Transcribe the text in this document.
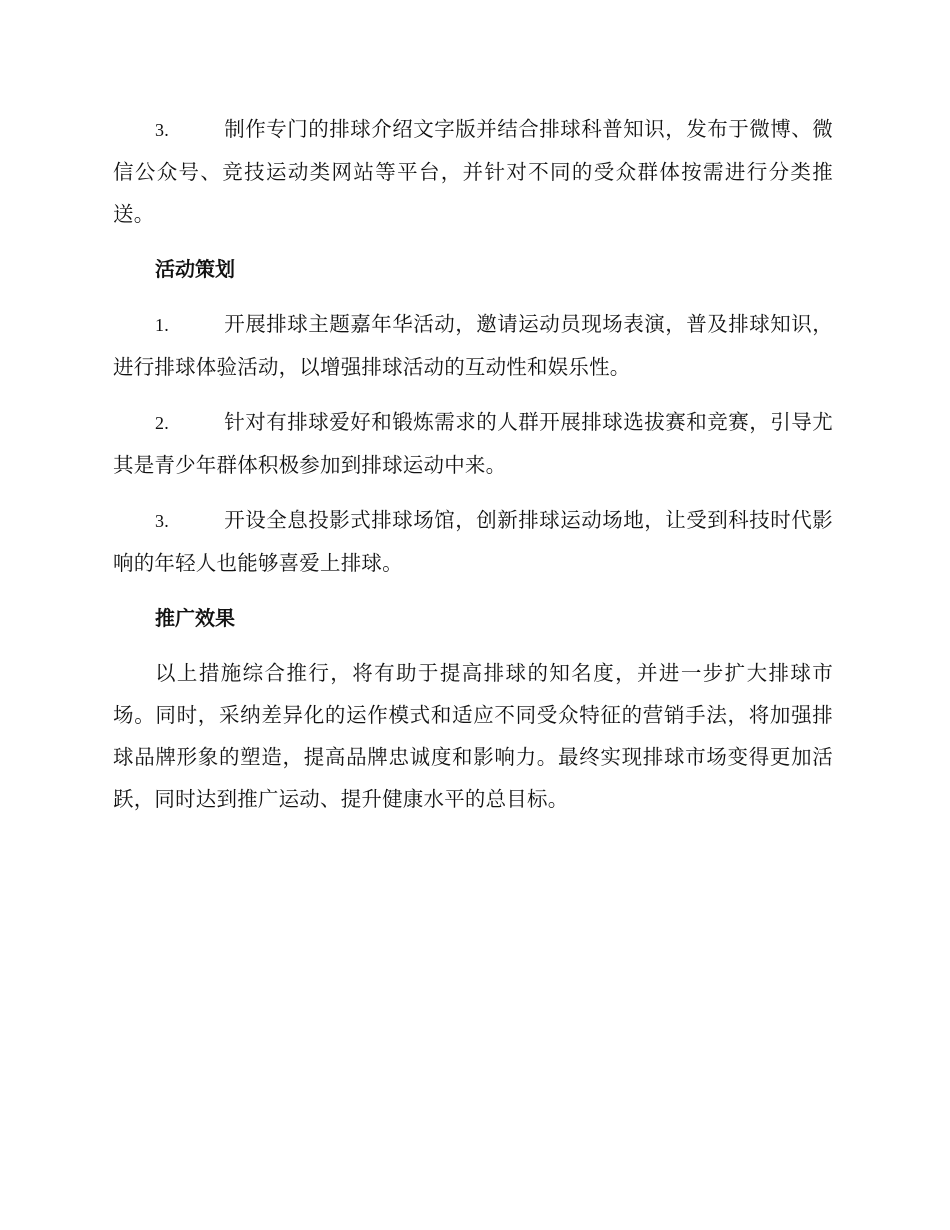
3.	制作专门的排球介绍文字版并结合排球科普知识，发布于微博、微信公众号、竞技运动类网站等平台，并针对不同的受众群体按需进行分类推送。

活动策划

1.	开展排球主题嘉年华活动，邀请运动员现场表演，普及排球知识，进行排球体验活动，以增强排球活动的互动性和娱乐性。

2.	针对有排球爱好和锻炼需求的人群开展排球选拔赛和竞赛，引导尤其是青少年群体积极参加到排球运动中来。

3.	开设全息投影式排球场馆，创新排球运动场地，让受到科技时代影响的年轻人也能够喜爱上排球。

推广效果

以上措施综合推行，将有助于提高排球的知名度，并进一步扩大排球市场。同时，采纳差异化的运作模式和适应不同受众特征的营销手法，将加强排球品牌形象的塑造，提高品牌忠诚度和影响力。最终实现排球市场变得更加活跃，同时达到推广运动、提升健康水平的总目标。
